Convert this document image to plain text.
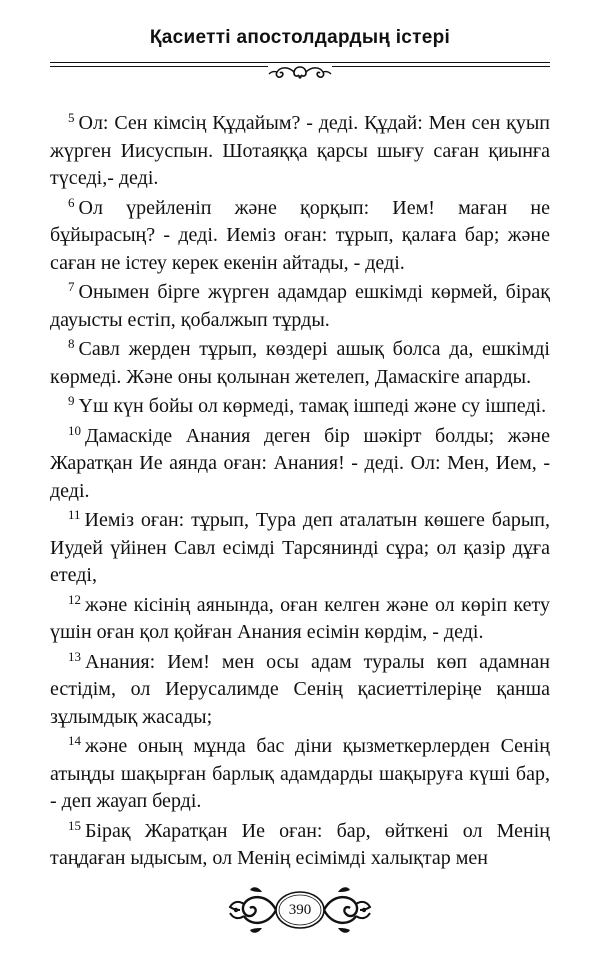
Қасиетті апостолдардың істері

$^5$ Ол: Сен кімсің Құдайым? - деді. Құдай: Мен сен қуып жүрген Иисуспын. Шотаяққа қарсы шығу саған қиынға түседі,- деді.

$^6$ Ол үрейленіп және қорқып: Ием! маған не бұйырасың? - деді. Иеміз оған: тұрып, қалаға бар; және саған не істеу керек екенін айтады, - деді.

$^7$ Онымен бірге жүрген адамдар ешкімді көрмей, бірақ дауысты естіп, қобалжып тұрды.

$^8$ Савл жерден тұрып, көздері ашық болса да, ешкімді көрмеді. Және оны қолынан жетелеп, Дамаскіге апарды.

$^9$ Үш күн бойы ол көрмеді, тамақ ішпеді және су ішпеді.

$^{10}$ Дамаскіде Анания деген бір шәкірт болды; және Жаратқан Ие аянда оған: Анания! - деді. Ол: Мен, Ием, - деді.

$^{11}$ Иеміз оған: тұрып, Тура деп аталатын көшеге барып, Иудей үйінен Савл есімді Тарсянинді сұра; ол қазір дұға етеді,

$^{12}$ және кісінің аянында, оған келген және ол көріп кету үшін оған қол қойған Анания есімін көрдім, - деді.

$^{13}$ Анания: Ием! мен осы адам туралы көп адамнан естідім, ол Иерусалимде Сенің қасиеттілеріңе қанша зұлымдық жасады;

$^{14}$ және оның мұнда бас діни қызметкерлерден Сенің атыңды шақырған барлық адамдарды шақыруға күші бар, - деп жауап берді.

$^{15}$ Бірақ Жаратқан Ие оған: бар, өйткені ол Менің таңдаған ыдысым, ол Менің есімімді халықтар мен

390
